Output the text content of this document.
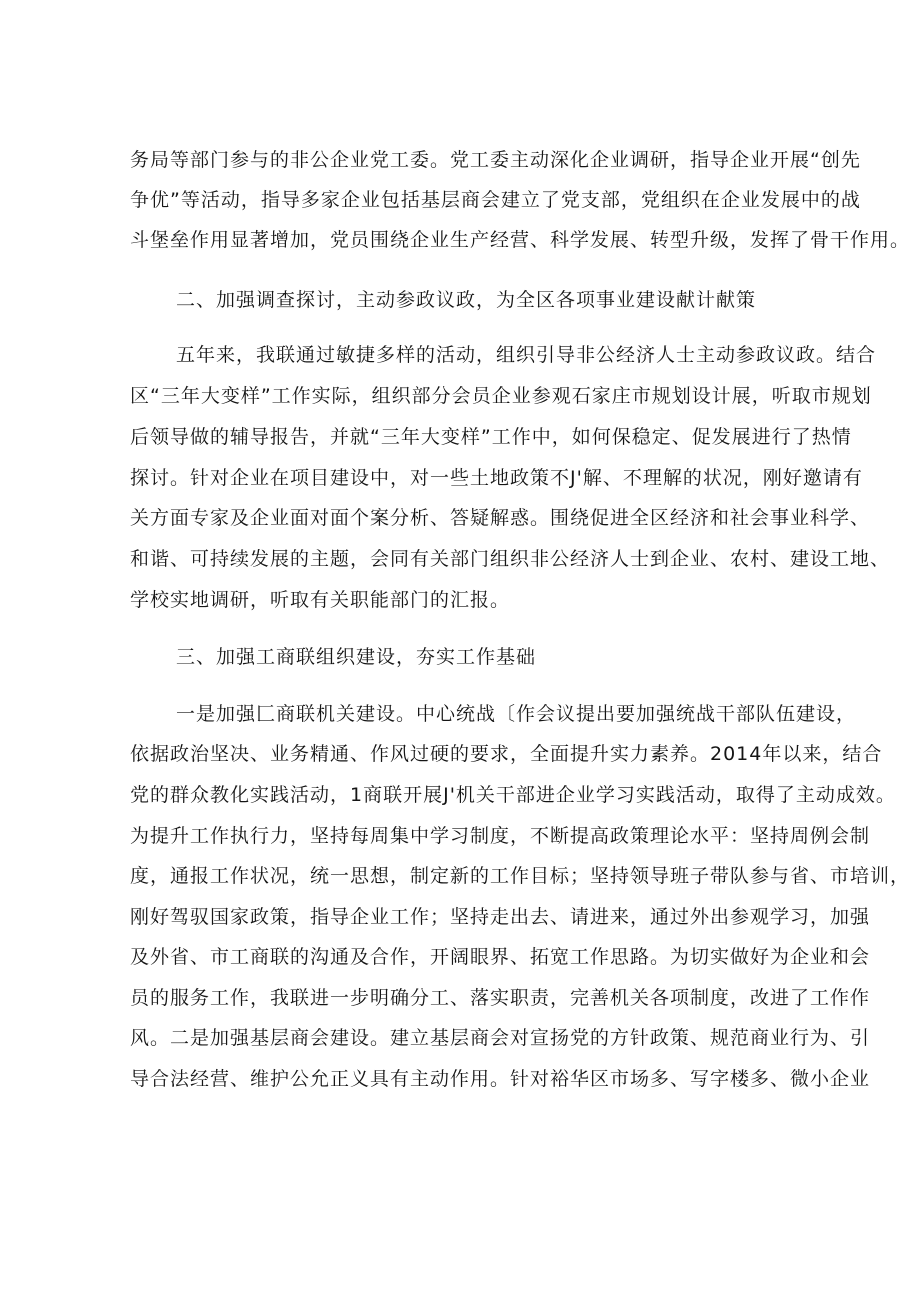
务局等部门参与的非公企业党工委。党工委主动深化企业调研，指导企业开展“创先
争优”等活动，指导多家企业包括基层商会建立了党支部，党组织在企业发展中的战
斗堡垒作用显著增加，党员围绕企业生产经营、科学发展、转型升级，发挥了骨干作用。
二、加强调查探讨，主动参政议政，为全区各项事业建设献计献策
五年来，我联通过敏捷多样的活动，组织引导非公经济人士主动参政议政。结合
区“三年大变样”工作实际，组织部分会员企业参观石家庄市规划设计展，听取市规划
后领导做的辅导报告，并就“三年大变样”工作中，如何保稳定、促发展进行了热情
探讨。针对企业在项目建设中，对一些土地政策不J'解、不理解的状况，刚好邀请有
关方面专家及企业面对面个案分析、答疑解惑。围绕促进全区经济和社会事业科学、
和谐、可持续发展的主题，会同有关部门组织非公经济人士到企业、农村、建设工地、
学校实地调研，听取有关职能部门的汇报。
三、加强工商联组织建设，夯实工作基础
一是加强匚商联机关建设。中心统战〔作会议提出要加强统战干部队伍建设，
依据政治坚决、业务精通、作风过硬的要求，全面提升实力素养。2014年以来，结合
党的群众教化实践活动，1商联开展J'机关干部进企业学习实践活动，取得了主动成效。
为提升工作执行力，坚持每周集中学习制度，不断提高政策理论水平：坚持周例会制
度，通报工作状况，统一思想，制定新的工作目标；坚持领导班子带队参与省、市培训，
刚好驾驭国家政策，指导企业工作；坚持走出去、请进来，通过外出参观学习，加强
及外省、市工商联的沟通及合作，开阔眼界、拓宽工作思路。为切实做好为企业和会
员的服务工作，我联进一步明确分工、落实职责，完善机关各项制度，改进了工作作
风。二是加强基层商会建设。建立基层商会对宣扬党的方针政策、规范商业行为、引
导合法经营、维护公允正义具有主动作用。针对裕华区市场多、写字楼多、微小企业
